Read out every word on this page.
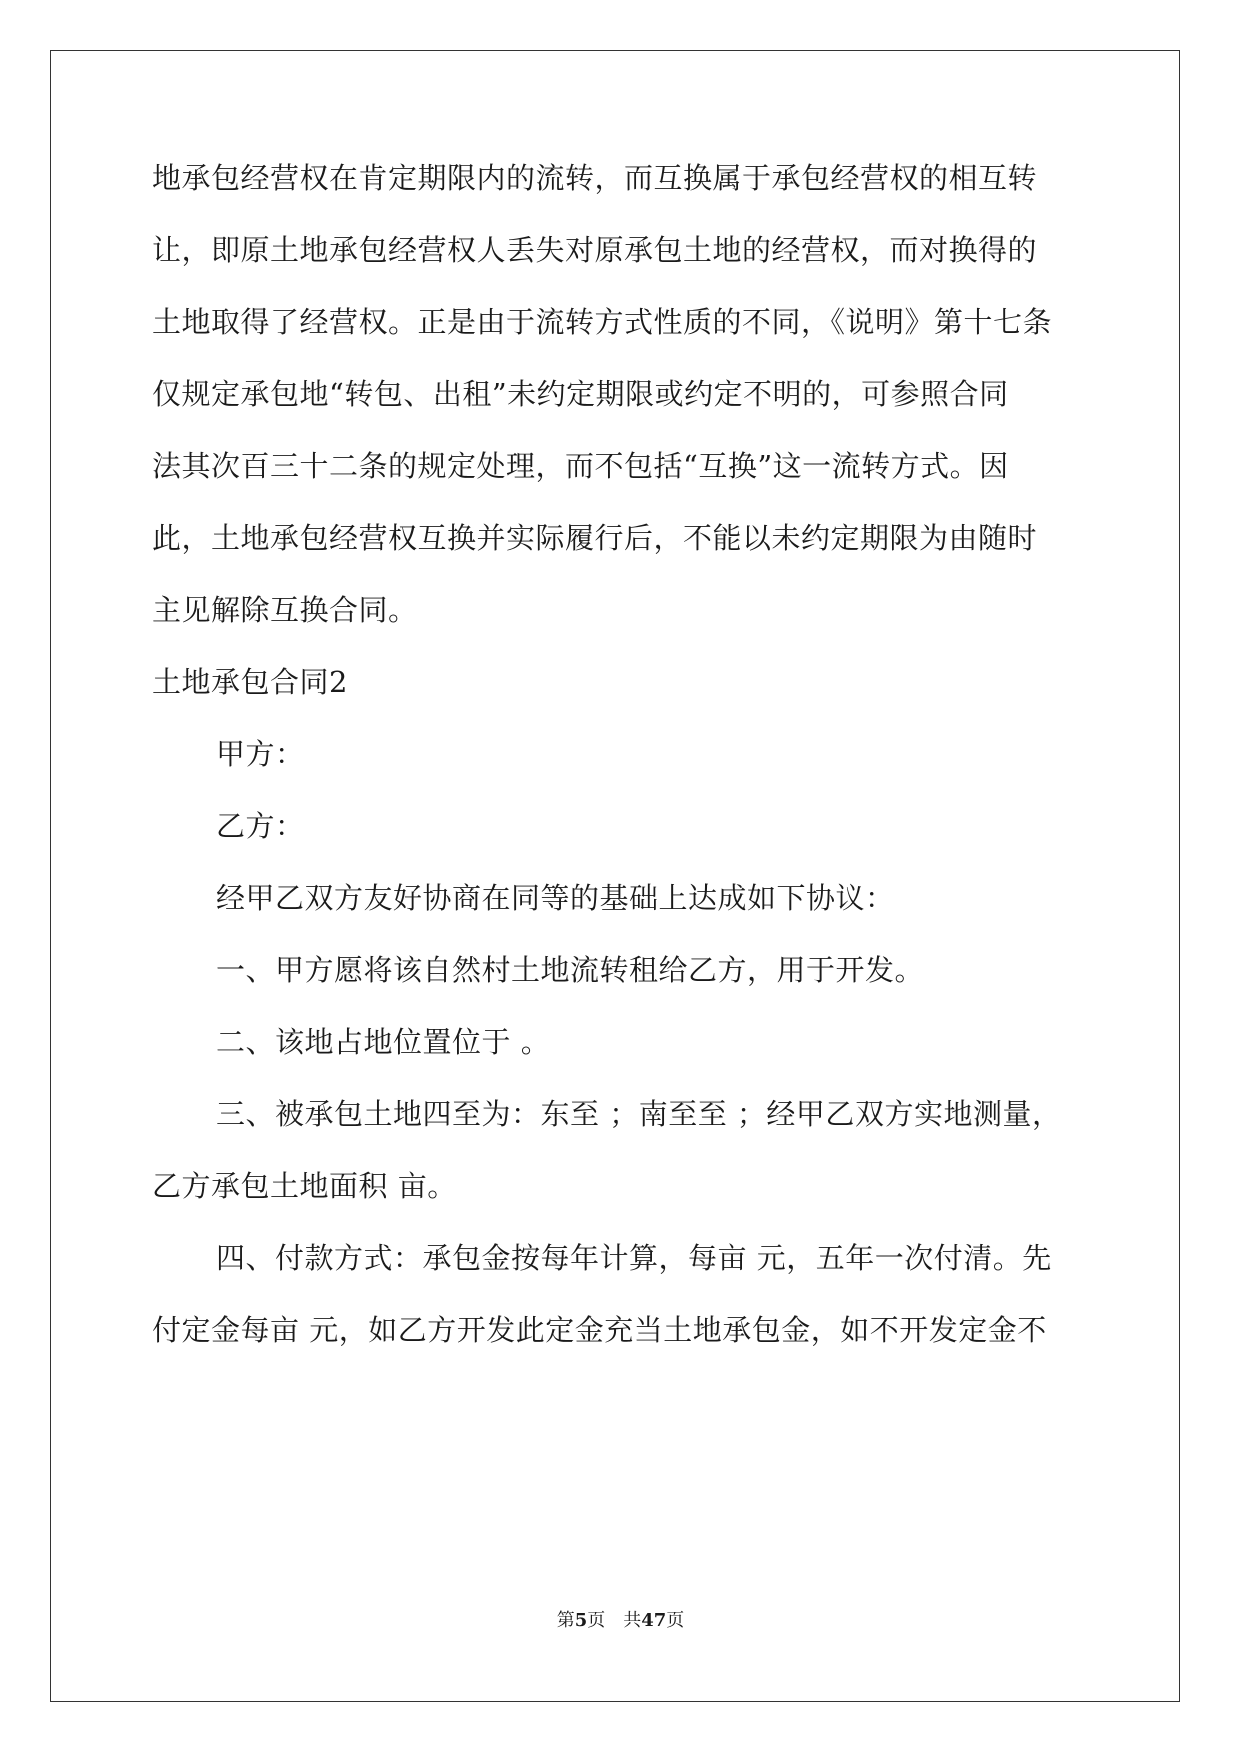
地承包经营权在肯定期限内的流转，而互换属于承包经营权的相互转
让，即原土地承包经营权人丢失对原承包土地的经营权，而对换得的
土地取得了经营权。正是由于流转方式性质的不同，《说明》第十七条
仅规定承包地“转包、出租”未约定期限或约定不明的，可参照合同
法其次百三十二条的规定处理，而不包括“互换”这一流转方式。因
此，土地承包经营权互换并实际履行后，不能以未约定期限为由随时
主见解除互换合同。
土地承包合同2
甲方：
乙方：
经甲乙双方友好协商在同等的基础上达成如下协议：
一、甲方愿将该自然村土地流转租给乙方，用于开发。
二、该地占地位置位于 。
三、被承包土地四至为：东至 ；南至至 ；经甲乙双方实地测量，
乙方承包土地面积 亩。
四、付款方式：承包金按每年计算，每亩 元，五年一次付清。先
付定金每亩 元，如乙方开发此定金充当土地承包金，如不开发定金不
第5页 共47页
